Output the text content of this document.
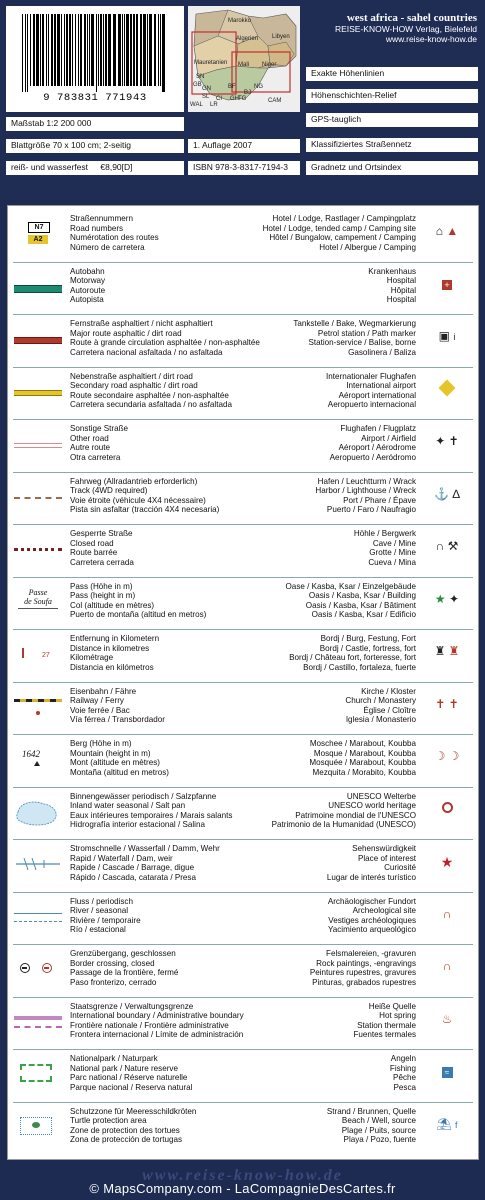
9 783831 771943
Marokko
Algerien Libyen
Mauretanien Mali Niger
SN
GB
GN
SL
BF
CI GH TG
BJ
NG
LR
CAM
WAL
west africa - sahel countries
REISE-KNOW-HOW Verlag, Bielefeld
www.reise-know-how.de
Maßstab 1:2 200 000
Blattgröße 70 x 100 cm; 2-seitig	1. Auflage 2007
reiß- und wasserfest €8,90[D]	ISBN 978-3-8317-7194-3
Exakte Höhenlinien
Höhenschichten-Relief
GPS-tauglich
Klassifiziertes Straßennetz
Gradnetz und Ortsindex
N7
A2
Straßennummern
Road numbers
Numérotation des routes
Número de carretera
Hotel / Lodge, Rastlager / Campingplatz
Hotel / Lodge, tended camp / Camping site
Hôtel / Bungalow, campement / Camping
Hotel / Albergue / Camping
⌂ ▲
Autobahn
Motorway
Autoroute
Autopista
Krankenhaus
Hospital
Hôpital
Hospital
+
Fernstraße asphaltiert / nicht asphaltiert
Major route asphaltic / dirt road
Route à grande circulation asphaltée / non-asphaltée
Carretera nacional asfaltada / no asfaltada
Tankstelle / Bake, Wegmarkierung
Petrol station / Path marker
Station-service / Balise, borne
Gasolinera / Baliza
▣ i
Nebenstraße asphaltiert / dirt road
Secondary road asphaltic / dirt road
Route secondaire asphaltée / non-asphaltée
Carretera secundaria asfaltada / no asfaltada
Internationaler Flughafen
International airport
Aéroport international
Aeropuerto internacional
Sonstige Straße
Other road
Autre route
Otra carretera
Flughafen / Flugplatz
Airport / Airfield
Aéroport / Aérodrome
Aeropuerto / Aeródromo
✦ ✝
Fahrweg (Allradantrieb erforderlich)
Track (4WD required)
Voie étroite (véhicule 4X4 nécessaire)
Pista sin asfaltar (tracción 4X4 necesaria)
Hafen / Leuchtturm / Wrack
Harbor / Lighthouse / Wreck
Port / Phare / Épave
Puerto / Faro / Naufragio
⚓ ∆
Gesperrte Straße
Closed road
Route barrée
Carretera cerrada
Höhle / Bergwerk
Cave / Mine
Grotte / Mine
Cueva / Mina
∩ ⚒
Passe
de Soufa
Pass (Höhe in m)
Pass (height in m)
Col (altitude en mètres)
Puerto de montaña (altitud en metros)
Oase / Kasba, Ksar / Einzelgebäude
Oasis / Kasba, Ksar / Building
Oasis / Kasba, Ksar / Bâtiment
Oasis / Kasba, Ksar / Edificio
★ ✦
27
Entfernung in Kilometern
Distance in kilometres
Kilométrage
Distancia en kilómetros
Bordj / Burg, Festung, Fort
Bordj / Castle, fortress, fort
Bordj / Château fort, forteresse, fort
Bordj / Castillo, fortaleza, fuerte
♜ ♜
Eisenbahn / Fähre
Railway / Ferry
Voie ferrée / Bac
Vía férrea / Transbordador
Kirche / Kloster
Church / Monastery
Église / Cloître
Iglesia / Monasterio
✝ ✝
1642
Berg (Höhe in m)
Mountain (height in m)
Mont (altitude en mètres)
Montaña (altitud en metros)
Moschee / Marabout, Koubba
Mosque / Marabout, Koubba
Mosquée / Marabout, Koubba
Mezquita / Morabito, Koubba
☽ ☽
Binnengewässer periodisch / Salzpfanne
Inland water seasonal / Salt pan
Eaux intérieures temporaires / Marais salants
Hidrografía interior estacional / Salina
UNESCO Welterbe
UNESCO world heritage
Patrimoine mondial de l'UNESCO
Patrimonio de la Humanidad (UNESCO)
Stromschnelle / Wasserfall / Damm, Wehr
Rapid / Waterfall / Dam, weir
Rapide / Cascade / Barrage, digue
Rápido / Cascada, catarata / Presa
Sehenswürdigkeit
Place of interest
Curiosité
Lugar de interés turístico
★
Fluss / periodisch
River / seasonal
Rivière / temporaire
Río / estacional
Archäologischer Fundort
Archeological site
Vestiges archéologiques
Yacimiento arqueológico
∩
Grenzübergang, geschlossen
Border crossing, closed
Passage de la frontière, fermé
Paso fronterizo, cerrado
Felsmalereien, -gravuren
Rock paintings, -engravings
Peintures rupestres, gravures
Pinturas, grabados rupestres
∩
Staatsgrenze / Verwaltungsgrenze
International boundary / Administrative boundary
Frontière nationale / Frontière administrative
Frontera internacional / Límite de administración
Heiße Quelle
Hot spring
Station thermale
Fuentes termales
♨
Nationalpark / Naturpark
National park / Nature reserve
Parc national / Réserve naturelle
Parque nacional / Reserva natural
Angeln
Fishing
Pêche
Pesca
≈
Schutzzone für Meeresschildkröten
Turtle protection area
Zone de protection des tortues
Zona de protección de tortugas
Strand / Brunnen, Quelle
Beach / Well, source
Plage / Puits, source
Playa / Pozo, fuente
⛱ f
www.reise-know-how.de
© MapsCompany.com - LaCompagnieDesCartes.fr
